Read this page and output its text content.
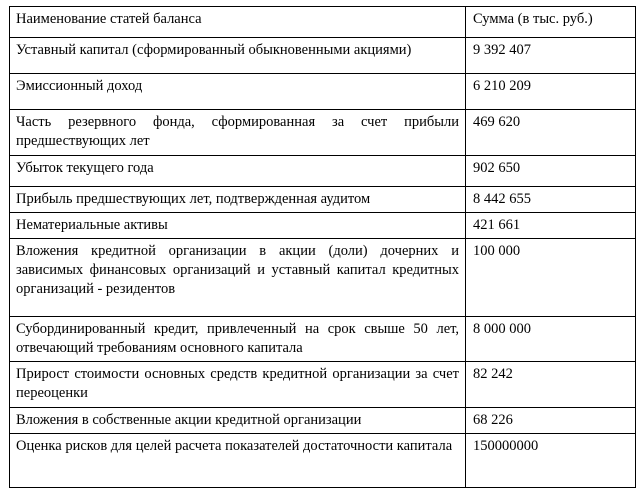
Наименование статей баланса	Сумма (в тыс. руб.)
Уставный капитал (сформированный обыкновенными акциями)	9 392 407
Эмиссионный доход	6 210 209
Часть резервного фонда, сформированная за счет прибыли предшествующих лет	469 620
Убыток текущего года	902 650
Прибыль предшествующих лет, подтвержденная аудитом	8 442 655
Нематериальные активы	421 661
Вложения кредитной организации в акции (доли) дочерних и зависимых финансовых организаций и уставный капитал кредитных организаций - резидентов	100 000
Субординированный кредит, привлеченный на срок свыше 50 лет, отвечающий требованиям основного капитала	8 000 000
Прирост стоимости основных средств кредитной организации за счет переоценки	82 242
Вложения в собственные акции кредитной организации	68 226
Оценка рисков для целей расчета показателей достаточности капитала	150000000
